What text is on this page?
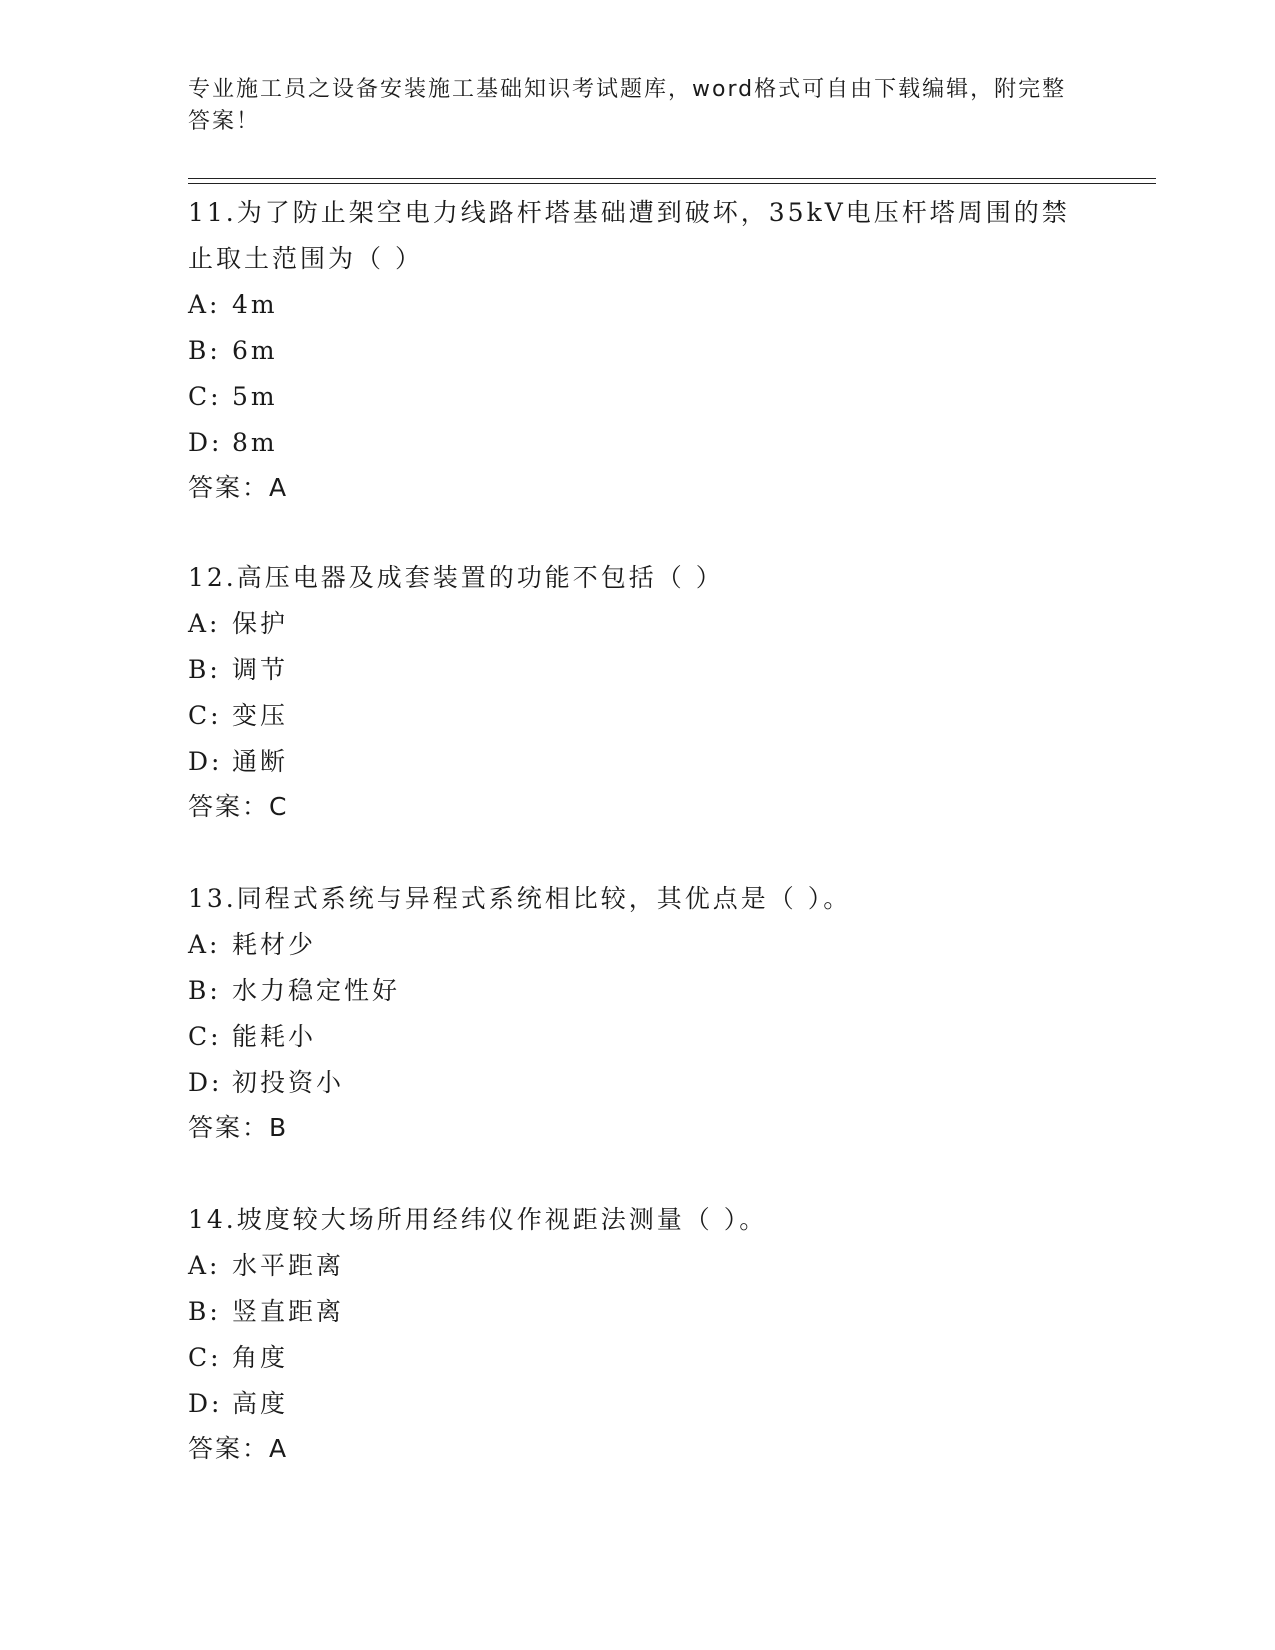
专业施工员之设备安装施工基础知识考试题库，word格式可自由下载编辑，附完整答案！

11.为了防止架空电力线路杆塔基础遭到破坏，35kV电压杆塔周围的禁止取土范围为（ ）

A: 4m
B: 6m
C: 5m
D: 8m
答案：A

12.高压电器及成套装置的功能不包括（ ）

A: 保护
B: 调节
C: 变压
D: 通断
答案：C

13.同程式系统与异程式系统相比较，其优点是（ ）。

A: 耗材少
B: 水力稳定性好
C: 能耗小
D: 初投资小
答案：B

14.坡度较大场所用经纬仪作视距法测量（ ）。

A: 水平距离
B: 竖直距离
C: 角度
D: 高度
答案：A
